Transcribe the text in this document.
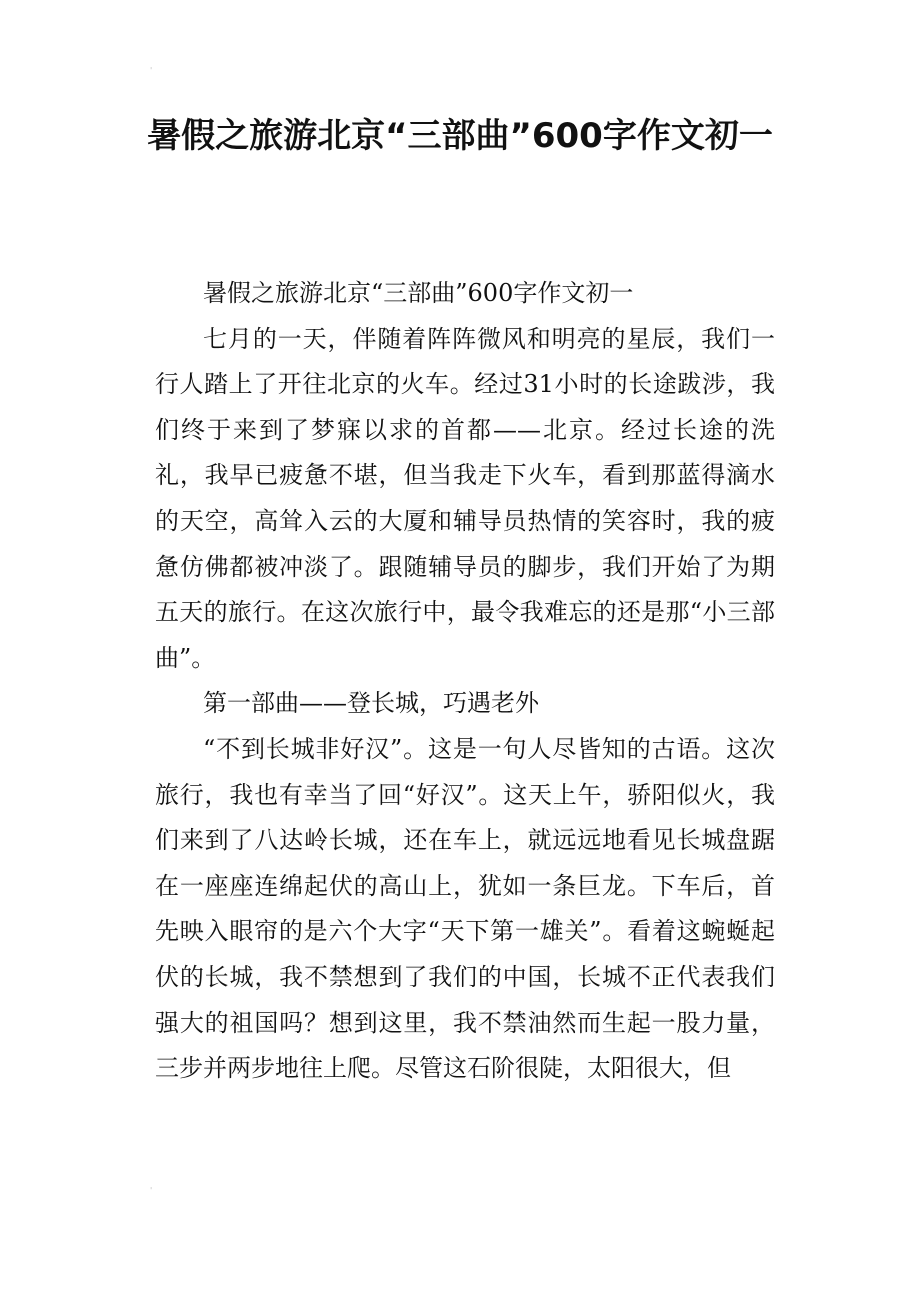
'
'
暑假之旅游北京“三部曲”600字作文初一

暑假之旅游北京“三部曲”600字作文初一

七月的一天，伴随着阵阵微风和明亮的星辰，我们一行人踏上了开往北京的火车。经过31小时的长途跋涉，我们终于来到了梦寐以求的首都——北京。经过长途的洗礼，我早已疲惫不堪，但当我走下火车，看到那蓝得滴水的天空，高耸入云的大厦和辅导员热情的笑容时，我的疲惫仿佛都被冲淡了。跟随辅导员的脚步，我们开始了为期五天的旅行。在这次旅行中，最令我难忘的还是那“小三部曲”。

第一部曲——登长城，巧遇老外

“不到长城非好汉”。这是一句人尽皆知的古语。这次旅行，我也有幸当了回“好汉”。这天上午，骄阳似火，我们来到了八达岭长城，还在车上，就远远地看见长城盘踞在一座座连绵起伏的高山上，犹如一条巨龙。下车后，首先映入眼帘的是六个大字“天下第一雄关”。看着这蜿蜒起伏的长城，我不禁想到了我们的中国，长城不正代表我们强大的祖国吗？想到这里，我不禁油然而生起一股力量，三步并两步地往上爬。尽管这石阶很陡，太阳很大，但
